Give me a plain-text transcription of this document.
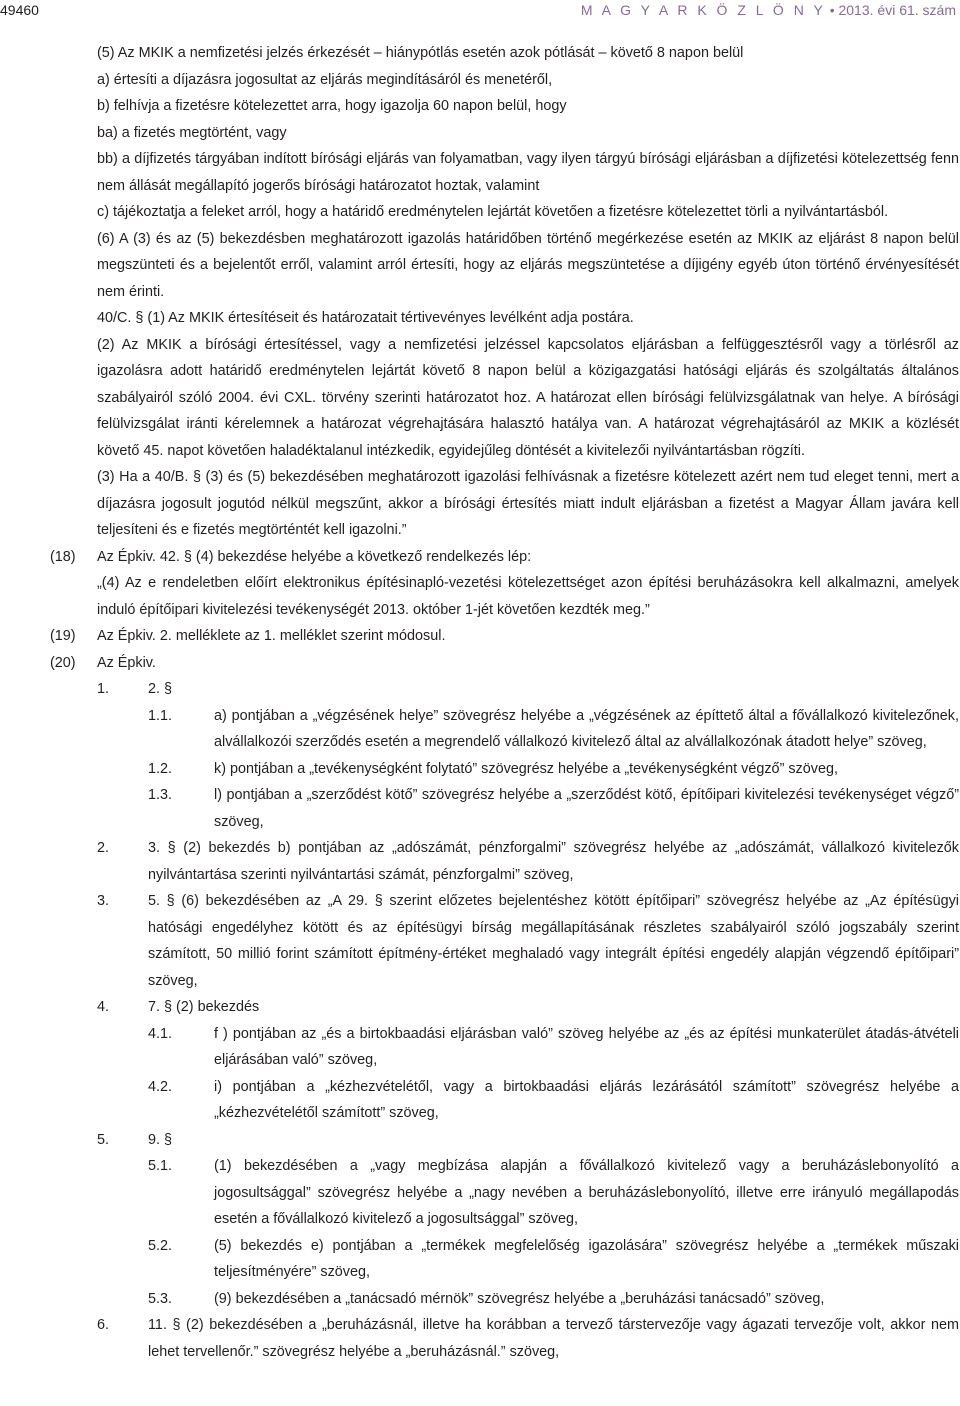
49460	M A G Y A R K Ö Z L Ö N Y • 2013. évi 61. szám

(5) Az MKIK a nemfizetési jelzés érkezését – hiánypótlás esetén azok pótlását – követő 8 napon belül

a) értesíti a díjazásra jogosultat az eljárás megindításáról és menetéről,

b) felhívja a fizetésre kötelezettet arra, hogy igazolja 60 napon belül, hogy

ba) a fizetés megtörtént, vagy

bb) a díjfizetés tárgyában indított bírósági eljárás van folyamatban, vagy ilyen tárgyú bírósági eljárásban a díjfizetési kötelezettség fenn nem állását megállapító jogerős bírósági határozatot hoztak, valamint

c) tájékoztatja a feleket arról, hogy a határidő eredménytelen lejártát követően a fizetésre kötelezettet törli a nyilvántartásból.

(6) A (3) és az (5) bekezdésben meghatározott igazolás határidőben történő megérkezése esetén az MKIK az eljárást 8 napon belül megszünteti és a bejelentőt erről, valamint arról értesíti, hogy az eljárás megszüntetése a díjigény egyéb úton történő érvényesítését nem érinti.

40/C. § (1) Az MKIK értesítéseit és határozatait tértivevényes levélként adja postára.

(2) Az MKIK a bírósági értesítéssel, vagy a nemfizetési jelzéssel kapcsolatos eljárásban a felfüggesztésről vagy a törlésről az igazolásra adott határidő eredménytelen lejártát követő 8 napon belül a közigazgatási hatósági eljárás és szolgáltatás általános szabályairól szóló 2004. évi CXL. törvény szerinti határozatot hoz. A határozat ellen bírósági felülvizsgálatnak van helye. A bírósági felülvizsgálat iránti kérelemnek a határozat végrehajtására halasztó hatálya van. A határozat végrehajtásáról az MKIK a közlését követő 45. napot követően haladéktalanul intézkedik, egyidejűleg döntését a kivitelezői nyilvántartásban rögzíti.

(3) Ha a 40/B. § (3) és (5) bekezdésében meghatározott igazolási felhívásnak a fizetésre kötelezett azért nem tud eleget tenni, mert a díjazásra jogosult jogutód nélkül megszűnt, akkor a bírósági értesítés miatt indult eljárásban a fizetést a Magyar Állam javára kell teljesíteni és e fizetés megtörténtét kell igazolni.”

(18) Az Épkiv. 42. § (4) bekezdése helyébe a következő rendelkezés lép:

„(4) Az e rendeletben előírt elektronikus építésinapló-vezetési kötelezettséget azon építési beruházásokra kell alkalmazni, amelyek induló építőipari kivitelezési tevékenységét 2013. október 1-jét követően kezdték meg.”

(19) Az Épkiv. 2. melléklete az 1. melléklet szerint módosul.

(20) Az Épkiv.

1.	2. §
1.1.	a) pontjában a „végzésének helye” szövegrész helyébe a „végzésének az építtető által a fővállalkozó kivitelezőnek, alvállalkozói szerződés esetén a megrendelő vállalkozó kivitelező által az alvállalkozónak átadott helye” szöveg,
1.2.	k) pontjában a „tevékenységként folytató” szövegrész helyébe a „tevékenységként végző” szöveg,
1.3.	l) pontjában a „szerződést kötő” szövegrész helyébe a „szerződést kötő, építőipari kivitelezési tevékenységet végző” szöveg,
2.	3. § (2) bekezdés b) pontjában az „adószámát, pénzforgalmi” szövegrész helyébe az „adószámát, vállalkozó kivitelezők nyilvántartása szerinti nyilvántartási számát, pénzforgalmi” szöveg,
3.	5. § (6) bekezdésében az „A 29. § szerint előzetes bejelentéshez kötött építőipari” szövegrész helyébe az „Az építésügyi hatósági engedélyhez kötött és az építésügyi bírság megállapításának részletes szabályairól szóló jogszabály szerint számított, 50 millió forint számított építmény-értéket meghaladó vagy integrált építési engedély alapján végzendő építőipari” szöveg,
4.	7. § (2) bekezdés
4.1.	f ) pontjában az „és a birtokbaadási eljárásban való” szöveg helyébe az „és az építési munkaterület átadás-átvételi eljárásában való” szöveg,
4.2.	i) pontjában a „kézhezvételétől, vagy a birtokbaadási eljárás lezárásától számított” szövegrész helyébe a „kézhezvételétől számított” szöveg,
5.	9. §
5.1.	(1) bekezdésében a „vagy megbízása alapján a fővállalkozó kivitelező vagy a beruházáslebonyolító a jogosultsággal” szövegrész helyébe a „nagy nevében a beruházáslebonyolító, illetve erre irányuló megállapodás esetén a fővállalkozó kivitelező a jogosultsággal” szöveg,
5.2.	(5) bekezdés e) pontjában a „termékek megfelelőség igazolására” szövegrész helyébe a „termékek műszaki teljesítményére” szöveg,
5.3.	(9) bekezdésében a „tanácsadó mérnök” szövegrész helyébe a „beruházási tanácsadó” szöveg,
6.	11. § (2) bekezdésében a „beruházásnál, illetve ha korábban a tervező társtervezője vagy ágazati tervezője volt, akkor nem lehet tervellenőr.” szövegrész helyébe a „beruházásnál.” szöveg,
